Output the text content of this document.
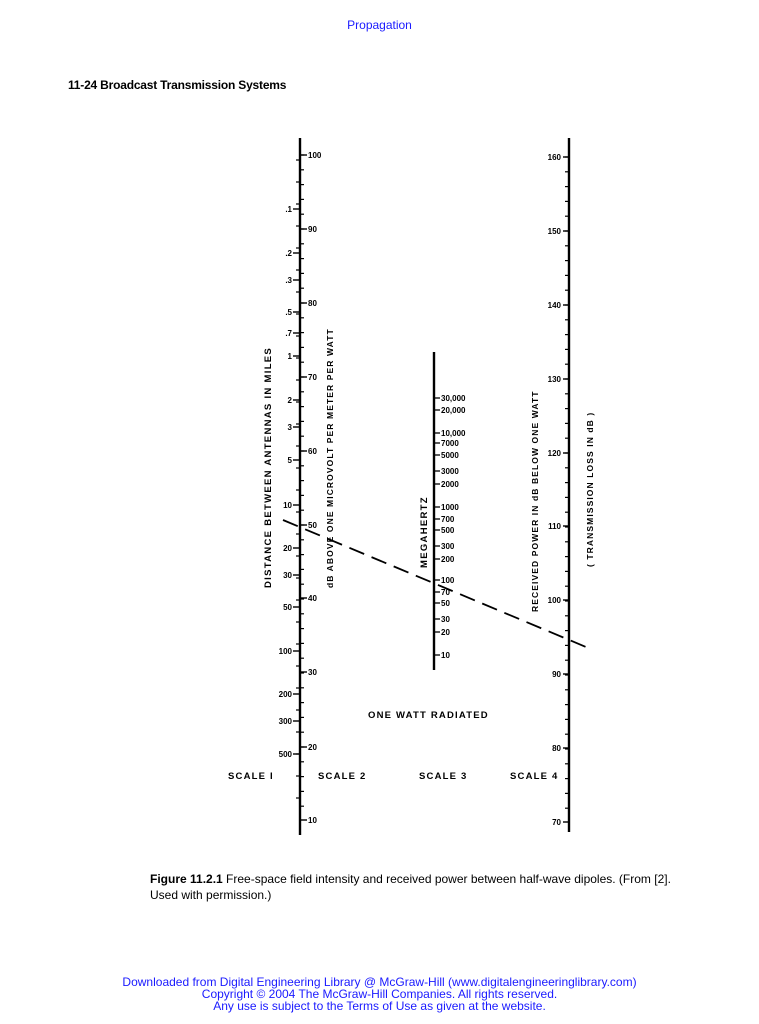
Propagation
11-24 Broadcast Transmission Systems
.1
.2
.3
.5
.7
1
2
3
5
10
20
30
50
100
200
300
500
100
90
80
70
60
50
40
30
20
10
30,000
20,000
10,000
7000
5000
3000
2000
1000
700
500
300
200
100
70
50
30
20
10
160
150
140
130
120
110
100
90
80
70
DISTANCE BETWEEN ANTENNAS IN MILES	dB ABOVE ONE MICROVOLT PER METER PER WATT	MEGAHERTZ	RECEIVED POWER IN dB BELOW ONE WATT	( TRANSMISSION LOSS IN dB )
ONE WATT RADIATED
SCALE I	SCALE 2	SCALE 3	SCALE 4
Figure 11.2.1 Free-space field intensity and received power between half-wave dipoles. (From [2]. Used with permission.)
Downloaded from Digital Engineering Library @ McGraw-Hill (www.digitalengineeringlibrary.com)
Copyright © 2004 The McGraw-Hill Companies. All rights reserved.
Any use is subject to the Terms of Use as given at the website.
